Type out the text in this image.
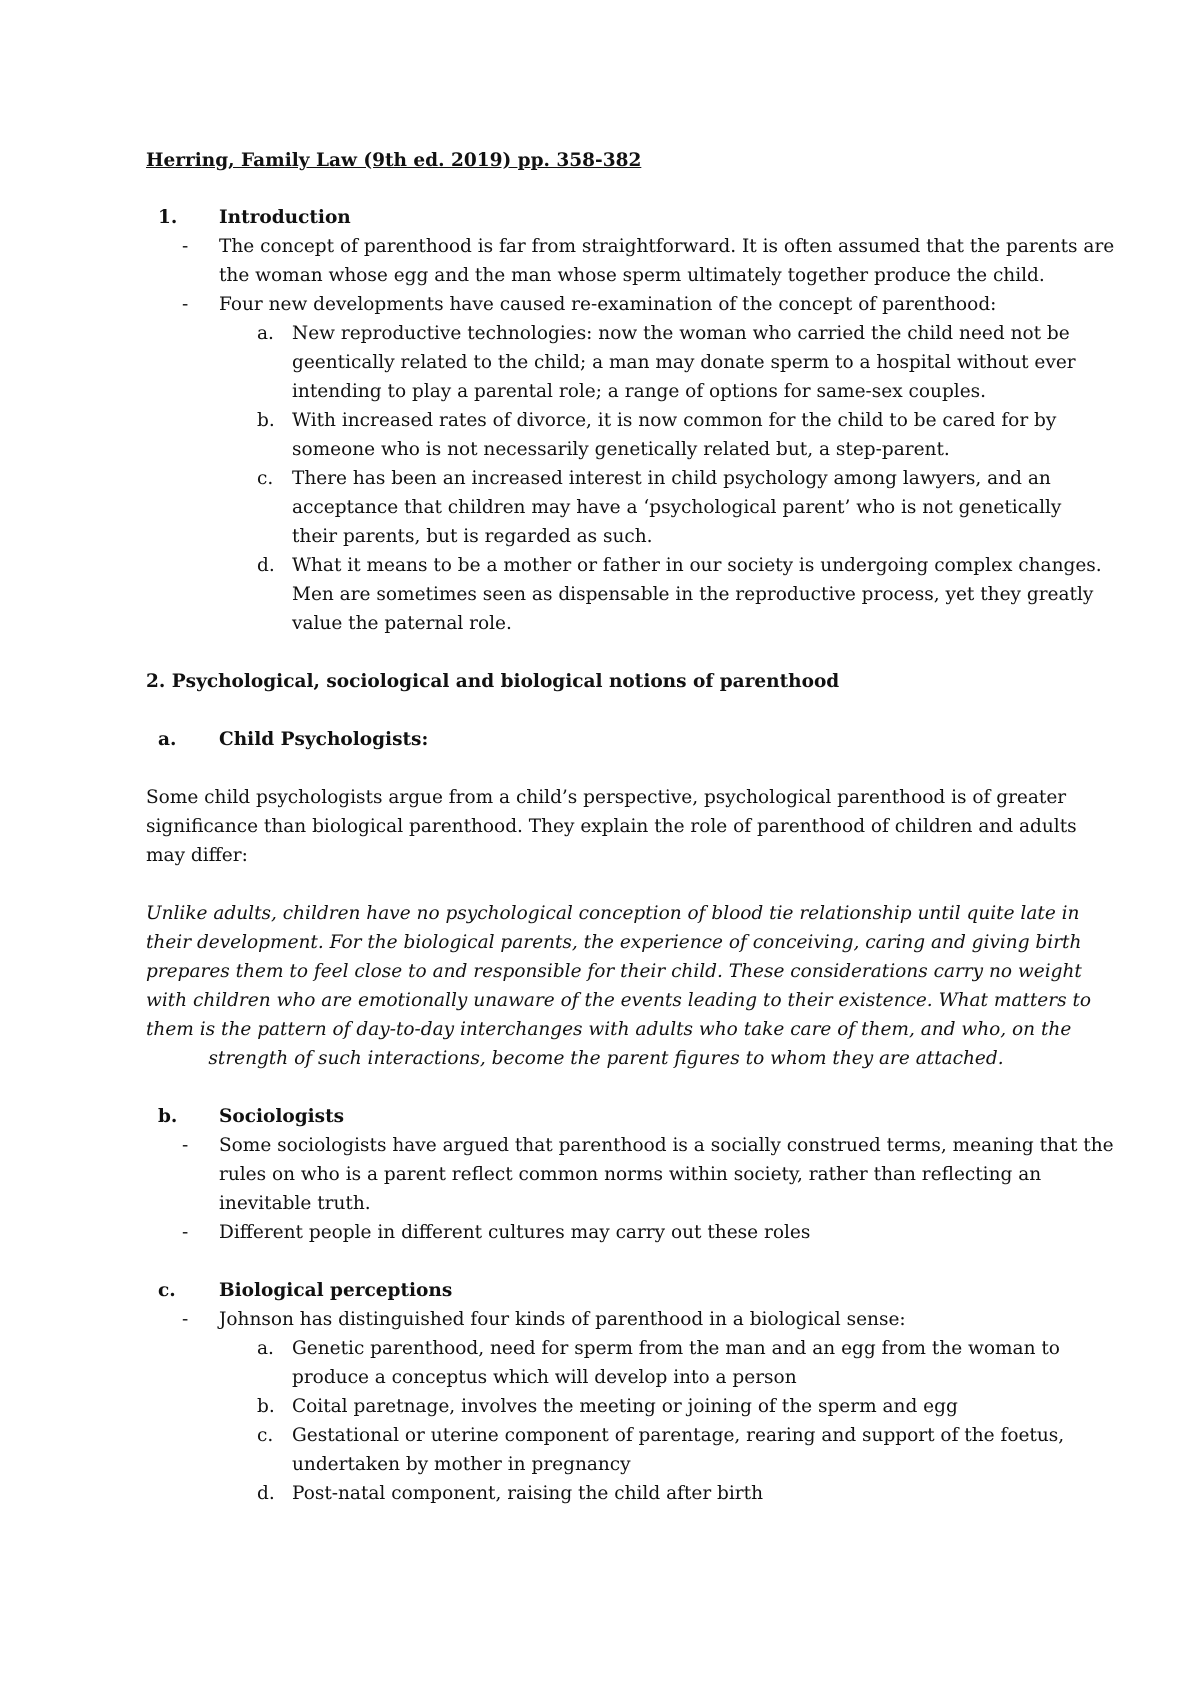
Herring, Family Law (9th ed. 2019) pp. 358-382
1. Introduction
- The concept of parenthood is far from straightforward. It is often assumed that the parents are
the woman whose egg and the man whose sperm ultimately together produce the child.
- Four new developments have caused re-examination of the concept of parenthood:
a. New reproductive technologies: now the woman who carried the child need not be
geentically related to the child; a man may donate sperm to a hospital without ever
intending to play a parental role; a range of options for same-sex couples.
b. With increased rates of divorce, it is now common for the child to be cared for by
someone who is not necessarily genetically related but, a step-parent.
c. There has been an increased interest in child psychology among lawyers, and an
acceptance that children may have a ‘psychological parent’ who is not genetically
their parents, but is regarded as such.
d. What it means to be a mother or father in our society is undergoing complex changes.
Men are sometimes seen as dispensable in the reproductive process, yet they greatly
value the paternal role.
2. Psychological, sociological and biological notions of parenthood
a. Child Psychologists:
Some child psychologists argue from a child’s perspective, psychological parenthood is of greater
significance than biological parenthood. They explain the role of parenthood of children and adults
may differ:
Unlike adults, children have no psychological conception of blood tie relationship until quite late in
their development. For the biological parents, the experience of conceiving, caring and giving birth
prepares them to feel close to and responsible for their child. These considerations carry no weight
with children who are emotionally unaware of the events leading to their existence. What matters to
them is the pattern of day-to-day interchanges with adults who take care of them, and who, on the
strength of such interactions, become the parent figures to whom they are attached.
b. Sociologists
- Some sociologists have argued that parenthood is a socially construed terms, meaning that the
rules on who is a parent reflect common norms within society, rather than reflecting an
inevitable truth.
- Different people in different cultures may carry out these roles
c. Biological perceptions
- Johnson has distinguished four kinds of parenthood in a biological sense:
a. Genetic parenthood, need for sperm from the man and an egg from the woman to
produce a conceptus which will develop into a person
b. Coital paretnage, involves the meeting or joining of the sperm and egg
c. Gestational or uterine component of parentage, rearing and support of the foetus,
undertaken by mother in pregnancy
d. Post-natal component, raising the child after birth
